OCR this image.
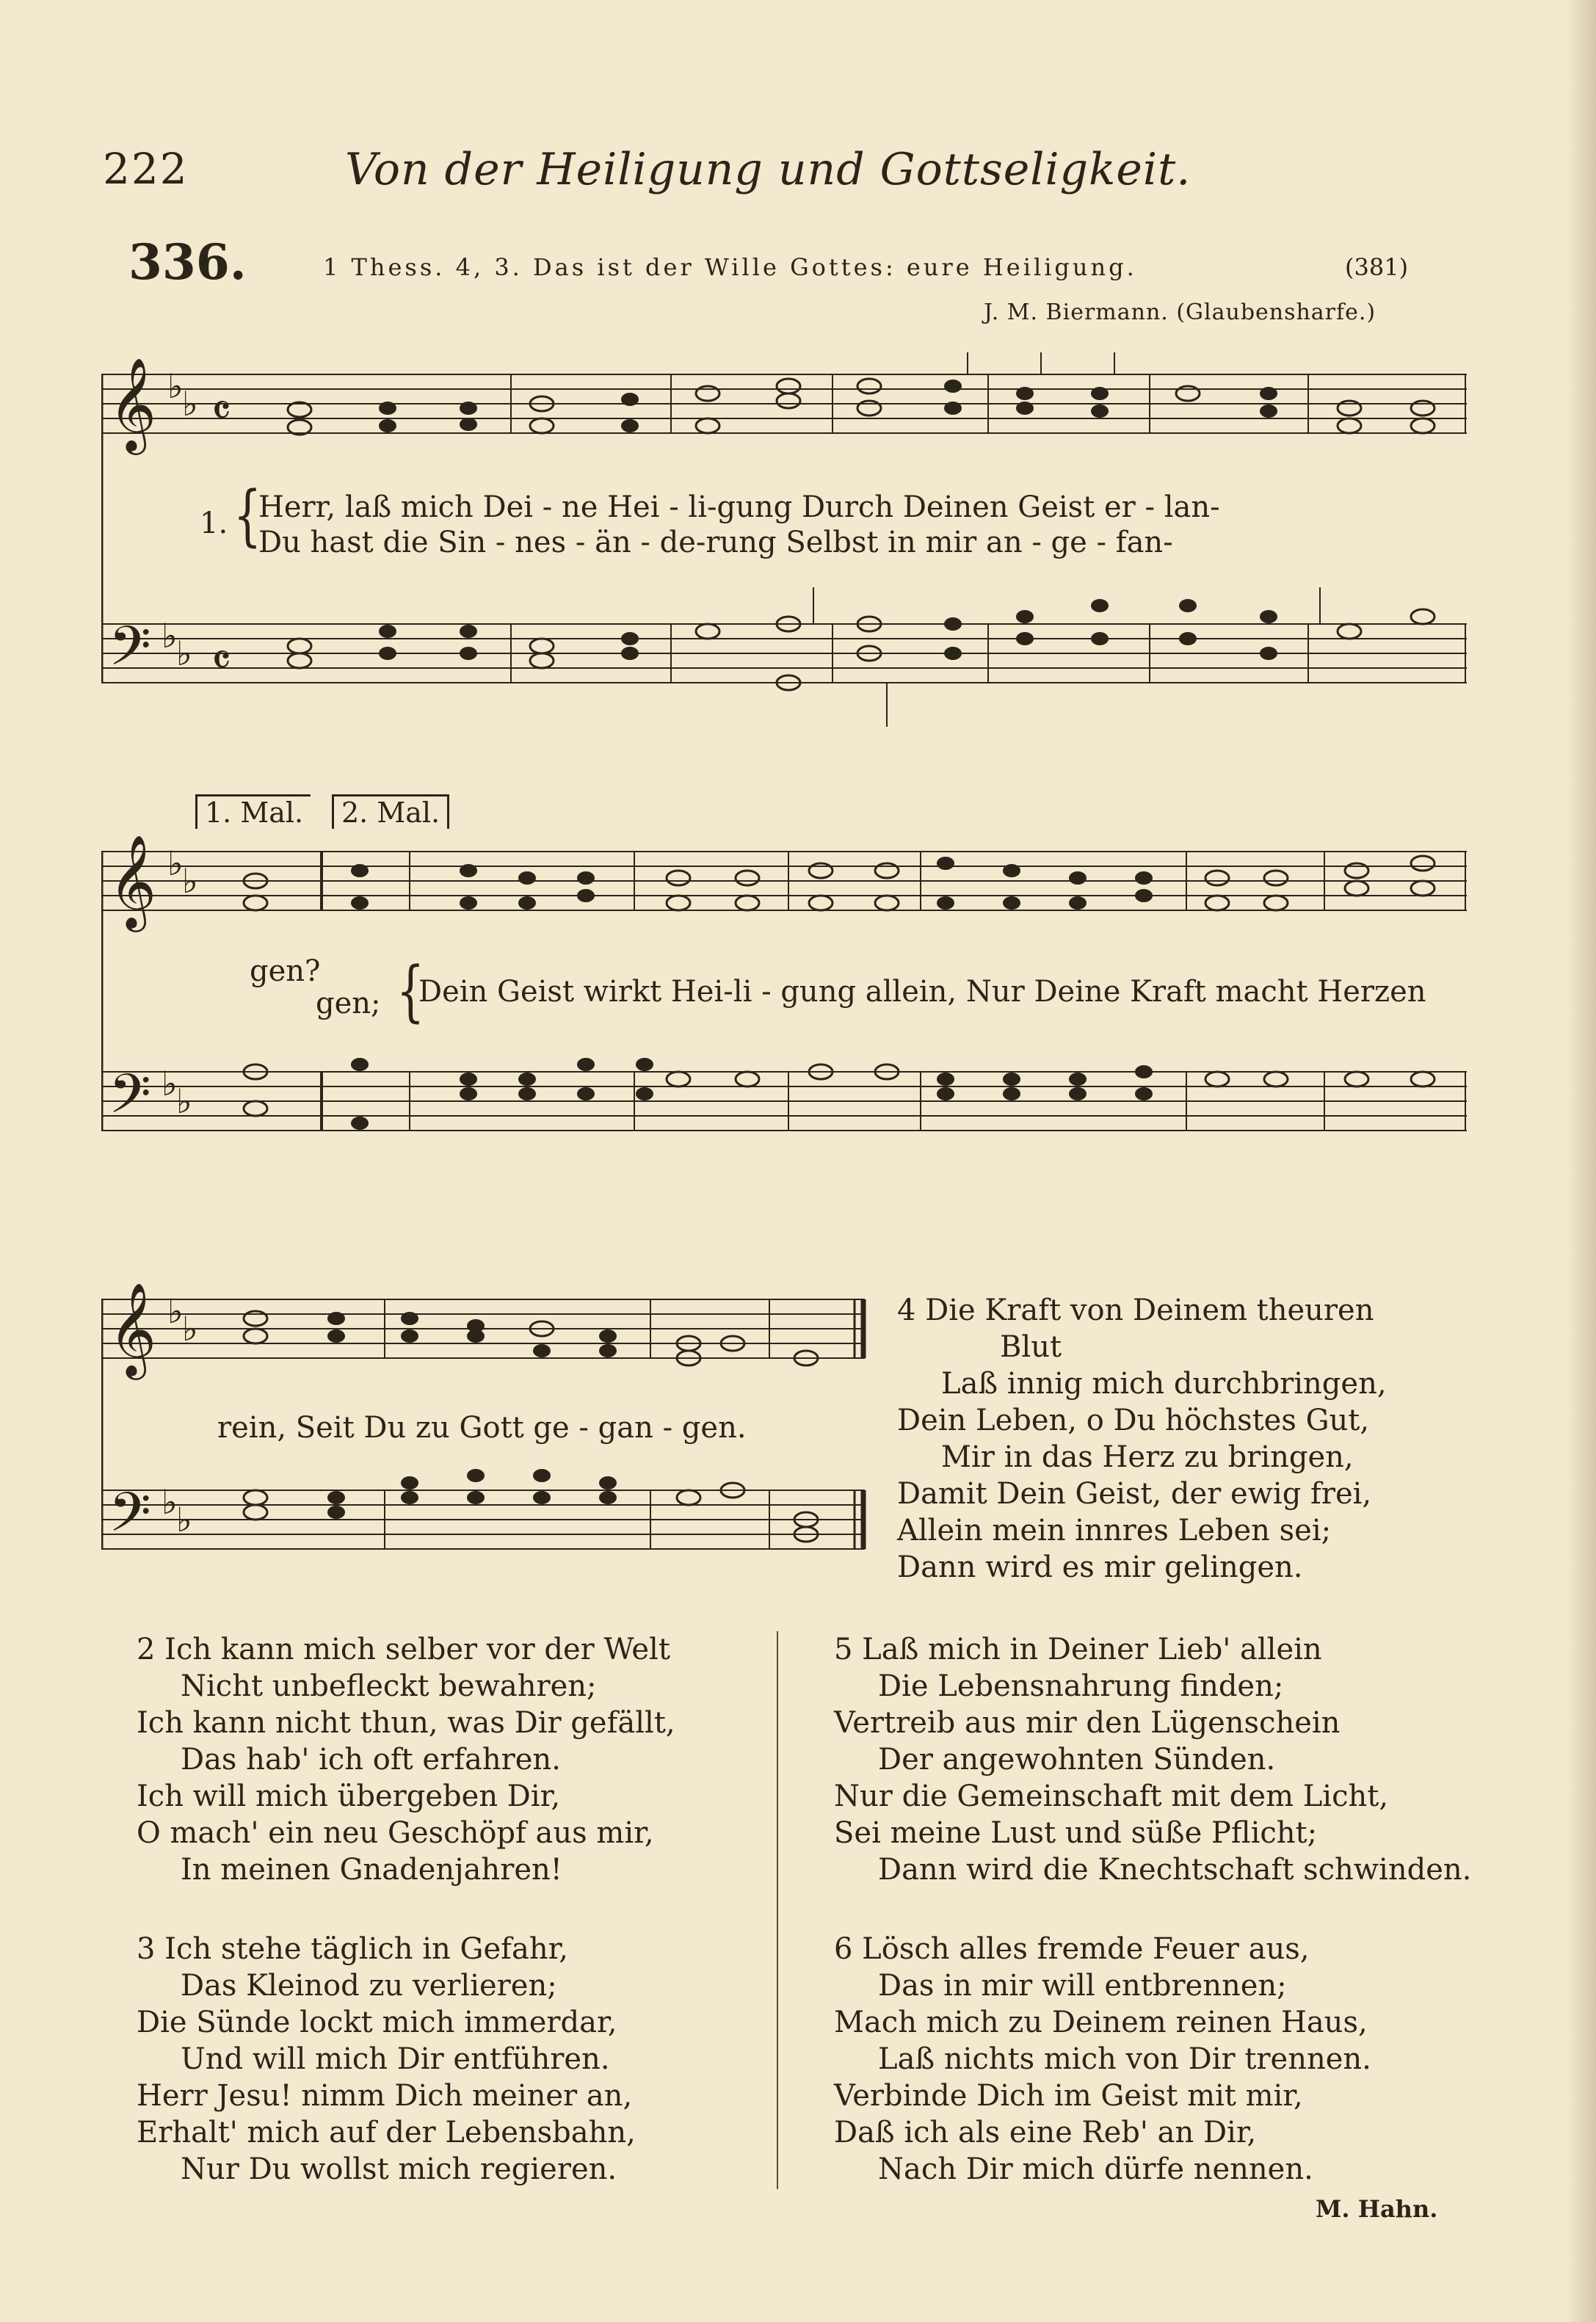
222	Von der Heiligung und Gottseligkeit.
336.	1 Thess. 4, 3. Das ist der Wille Gottes: eure Heiligung.	(381)
J. M. Biermann. (Glaubensharfe.)
𝄞
𝄢
♭
♭
♭
♭
𝄴
𝄴
1. {
Herr, laß mich Dei - ne Hei - li-gung Durch Deinen Geist er - lan-
Du hast die Sin - nes - än - de-rung Selbst in mir an - ge - fan-
1. Mal.	2. Mal.
𝄞
𝄢
♭
♭
♭
♭
gen?
gen; {
Dein Geist wirkt Hei-li - gung allein, Nur Deine Kraft macht Herzen
𝄞
𝄢
♭
♭
♭
♭
rein, Seit Du zu Gott ge - gan - gen.
4 Die Kraft von Deinem theuren
Blut
Laß innig mich durchbringen,
Dein Leben, o Du höchstes Gut,
Mir in das Herz zu bringen,
Damit Dein Geist, der ewig frei,
Allein mein innres Leben sei;
Dann wird es mir gelingen.
2 Ich kann mich selber vor der Welt
Nicht unbefleckt bewahren;
Ich kann nicht thun, was Dir gefällt,
Das hab' ich oft erfahren.
Ich will mich übergeben Dir,
O mach' ein neu Geschöpf aus mir,
In meinen Gnadenjahren!
5 Laß mich in Deiner Lieb' allein
Die Lebensnahrung finden;
Vertreib aus mir den Lügenschein
Der angewohnten Sünden.
Nur die Gemeinschaft mit dem Licht,
Sei meine Lust und süße Pflicht;
Dann wird die Knechtschaft schwinden.
3 Ich stehe täglich in Gefahr,
Das Kleinod zu verlieren;
Die Sünde lockt mich immerdar,
Und will mich Dir entführen.
Herr Jesu! nimm Dich meiner an,
Erhalt' mich auf der Lebensbahn,
Nur Du wollst mich regieren.
6 Lösch alles fremde Feuer aus,
Das in mir will entbrennen;
Mach mich zu Deinem reinen Haus,
Laß nichts mich von Dir trennen.
Verbinde Dich im Geist mit mir,
Daß ich als eine Reb' an Dir,
Nach Dir mich dürfe nennen.
M. Hahn.
